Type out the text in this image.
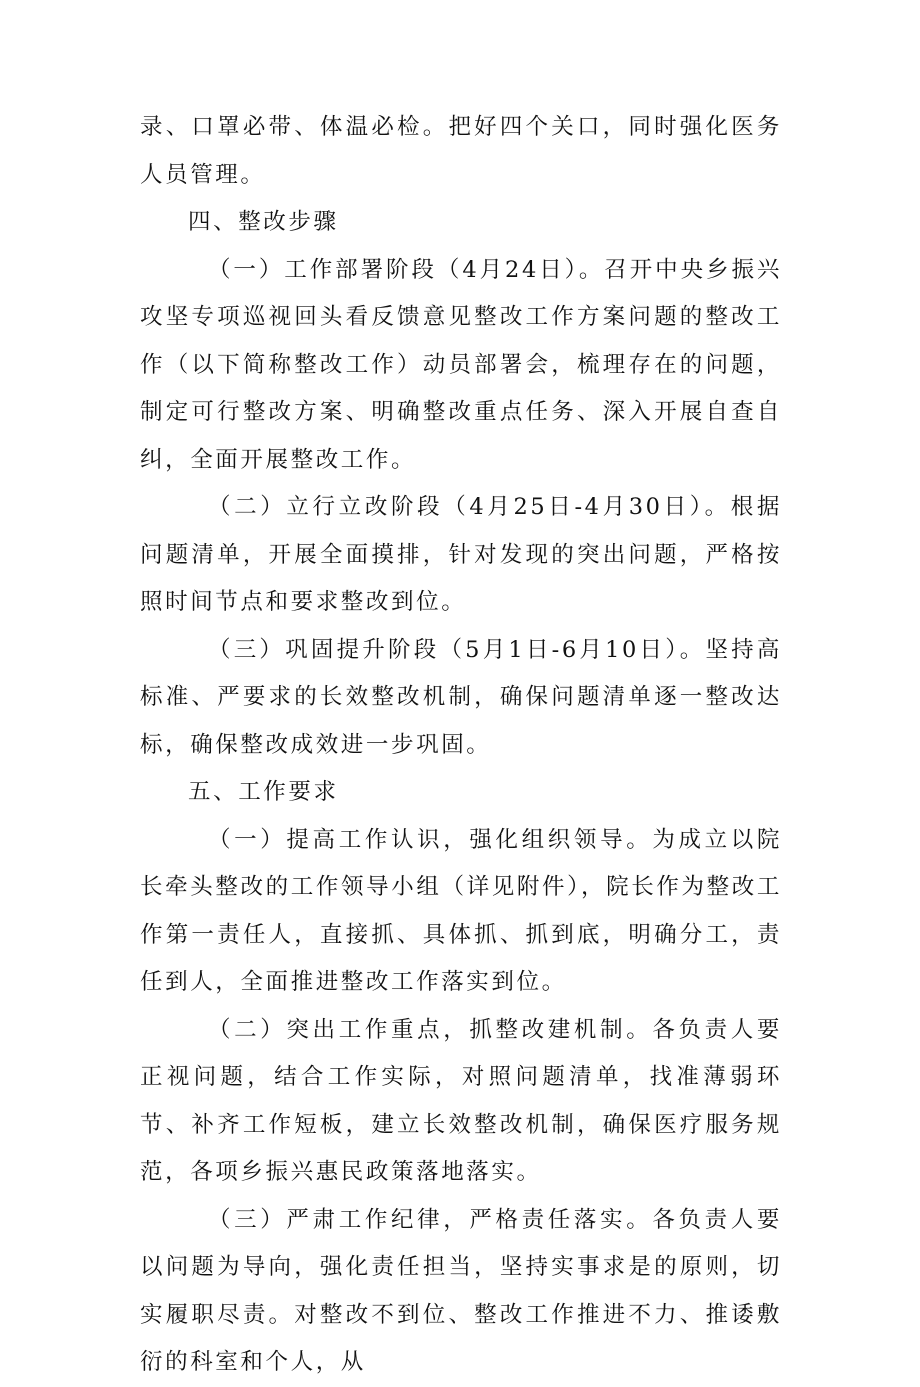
录、口罩必带、体温必检。把好四个关口，同时强化医务人员管理。

四、整改步骤

（一）工作部署阶段（4月24日）。召开中央乡振兴攻坚专项巡视回头看反馈意见整改工作方案问题的整改工作（以下简称整改工作）动员部署会，梳理存在的问题，制定可行整改方案、明确整改重点任务、深入开展自查自纠，全面开展整改工作。

（二）立行立改阶段（4月25日-4月30日）。根据问题清单，开展全面摸排，针对发现的突出问题，严格按照时间节点和要求整改到位。

（三）巩固提升阶段（5月1日-6月10日）。坚持高标准、严要求的长效整改机制，确保问题清单逐一整改达标，确保整改成效进一步巩固。

五、工作要求

（一）提高工作认识，强化组织领导。为成立以院长牵头整改的工作领导小组（详见附件），院长作为整改工作第一责任人，直接抓、具体抓、抓到底，明确分工，责任到人，全面推进整改工作落实到位。

（二）突出工作重点，抓整改建机制。各负责人要正视问题，结合工作实际，对照问题清单，找准薄弱环节、补齐工作短板，建立长效整改机制，确保医疗服务规范，各项乡振兴惠民政策落地落实。

（三）严肃工作纪律，严格责任落实。各负责人要以问题为导向，强化责任担当，坚持实事求是的原则，切实履职尽责。对整改不到位、整改工作推进不力、推诿敷衍的科室和个人，从
